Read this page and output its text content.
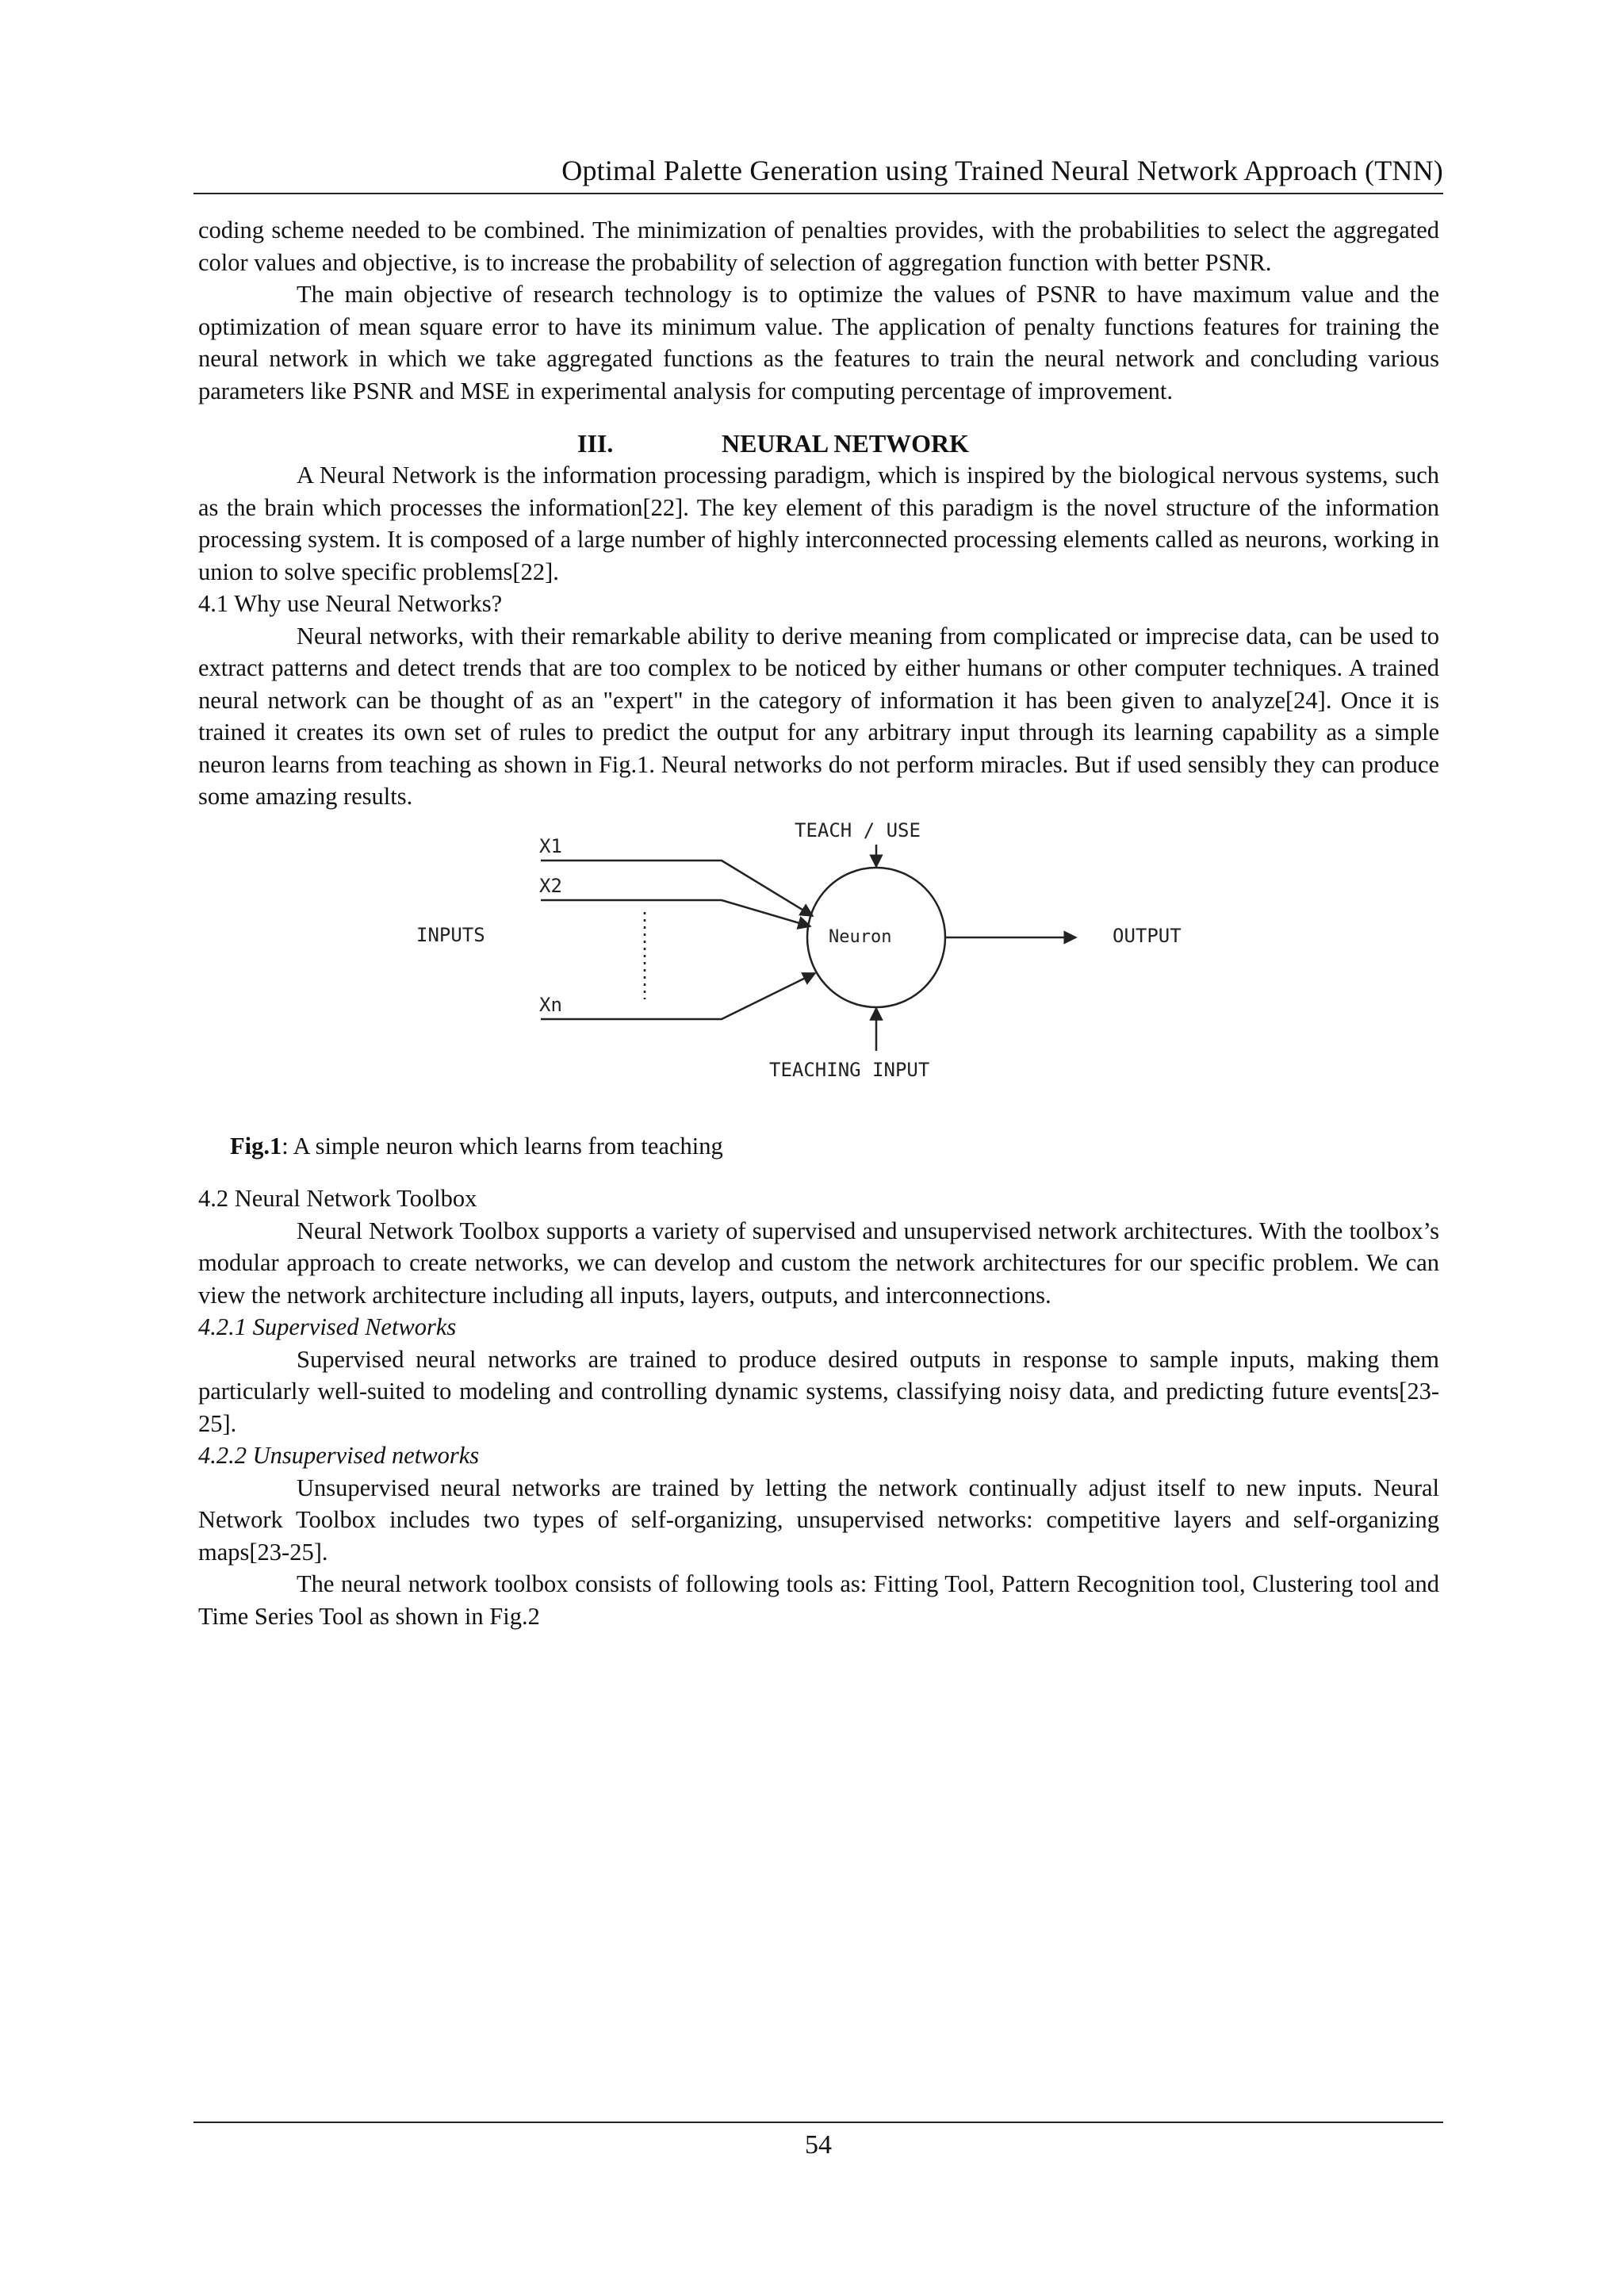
Optimal Palette Generation using Trained Neural Network Approach (TNN)

coding scheme needed to be combined. The minimization of penalties provides, with the probabilities to select the aggregated color values and objective, is to increase the probability of selection of aggregation function with better PSNR.

The main objective of research technology is to optimize the values of PSNR to have maximum value and the optimization of mean square error to have its minimum value. The application of penalty functions features for training the neural network in which we take aggregated functions as the features to train the neural network and concluding various parameters like PSNR and MSE in experimental analysis for computing percentage of improvement.

III.	NEURAL NETWORK

A Neural Network is the information processing paradigm, which is inspired by the biological nervous systems, such as the brain which processes the information[22]. The key element of this paradigm is the novel structure of the information processing system. It is composed of a large number of highly interconnected processing elements called as neurons, working in union to solve specific problems[22].

4.1 Why use Neural Networks?

Neural networks, with their remarkable ability to derive meaning from complicated or imprecise data, can be used to extract patterns and detect trends that are too complex to be noticed by either humans or other computer techniques. A trained neural network can be thought of as an "expert" in the category of information it has been given to analyze[24]. Once it is trained it creates its own set of rules to predict the output for any arbitrary input through its learning capability as a simple neuron learns from teaching as shown in Fig.1. Neural networks do not perform miracles. But if used sensibly they can produce some amazing results.

X1
X2
Xn
INPUTS
TEACH / USE
Neuron	OUTPUT
TEACHING INPUT

Fig.1: A simple neuron which learns from teaching

4.2 Neural Network Toolbox

Neural Network Toolbox supports a variety of supervised and unsupervised network architectures. With the toolbox’s modular approach to create networks, we can develop and custom the network architectures for our specific problem. We can view the network architecture including all inputs, layers, outputs, and interconnections.

4.2.1 Supervised Networks

Supervised neural networks are trained to produce desired outputs in response to sample inputs, making them particularly well-suited to modeling and controlling dynamic systems, classifying noisy data, and predicting future events[23-25].

4.2.2 Unsupervised networks

Unsupervised neural networks are trained by letting the network continually adjust itself to new inputs. Neural Network Toolbox includes two types of self-organizing, unsupervised networks: competitive layers and self-organizing maps[23-25].

The neural network toolbox consists of following tools as: Fitting Tool, Pattern Recognition tool, Clustering tool and Time Series Tool as shown in Fig.2

54
